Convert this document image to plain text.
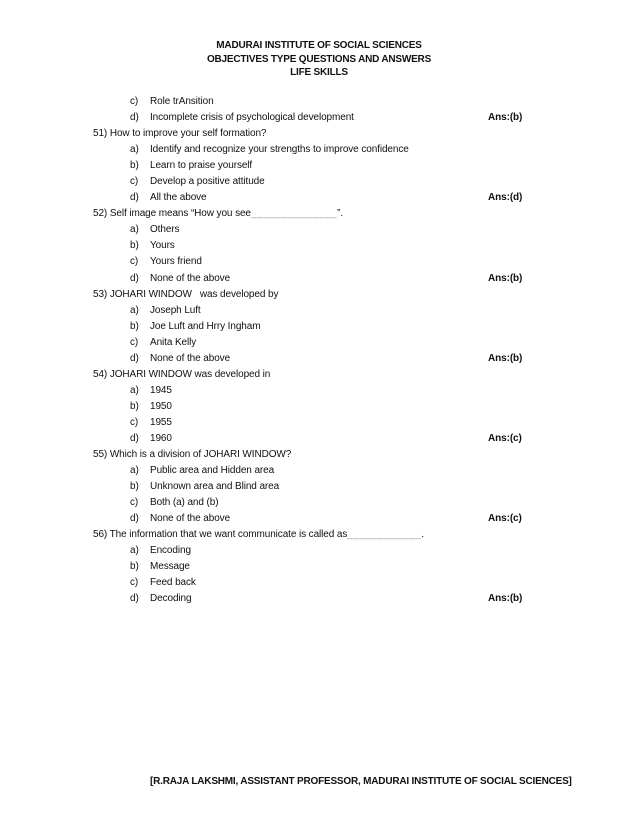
MADURAI INSTITUTE OF SOCIAL SCIENCES
OBJECTIVES TYPE QUESTIONS AND ANSWERS
LIFE SKILLS
c) Role trAnsition
d) Incomplete crisis of psychological development	Ans:(b)
51) How to improve your self formation?
a) Identify and recognize your strengths to improve confidence
b) Learn to praise yourself
c) Develop a positive attitude
d) All the above	Ans:(d)
52) Self image means “How you see______________”.
a) Others
b) Yours
c) Yours friend
d) None of the above	Ans:(b)
53) JOHARI WINDOW   was developed by
a) Joseph Luft
b) Joe Luft and Hrry Ingham
c) Anita Kelly
d) None of the above	Ans:(b)
54) JOHARI WINDOW was developed in
a) 1945
b) 1950
c) 1955
d) 1960	Ans:(c)
55) Which is a division of JOHARI WINDOW?
a) Public area and Hidden area
b) Unknown area and Blind area
c) Both (a) and (b)
d) None of the above	Ans:(c)
56) The information that we want communicate is called as____________.
a) Encoding
b) Message
c) Feed back
d) Decoding	Ans:(b)
[R.RAJA LAKSHMI, ASSISTANT PROFESSOR, MADURAI INSTITUTE OF SOCIAL SCIENCES]
